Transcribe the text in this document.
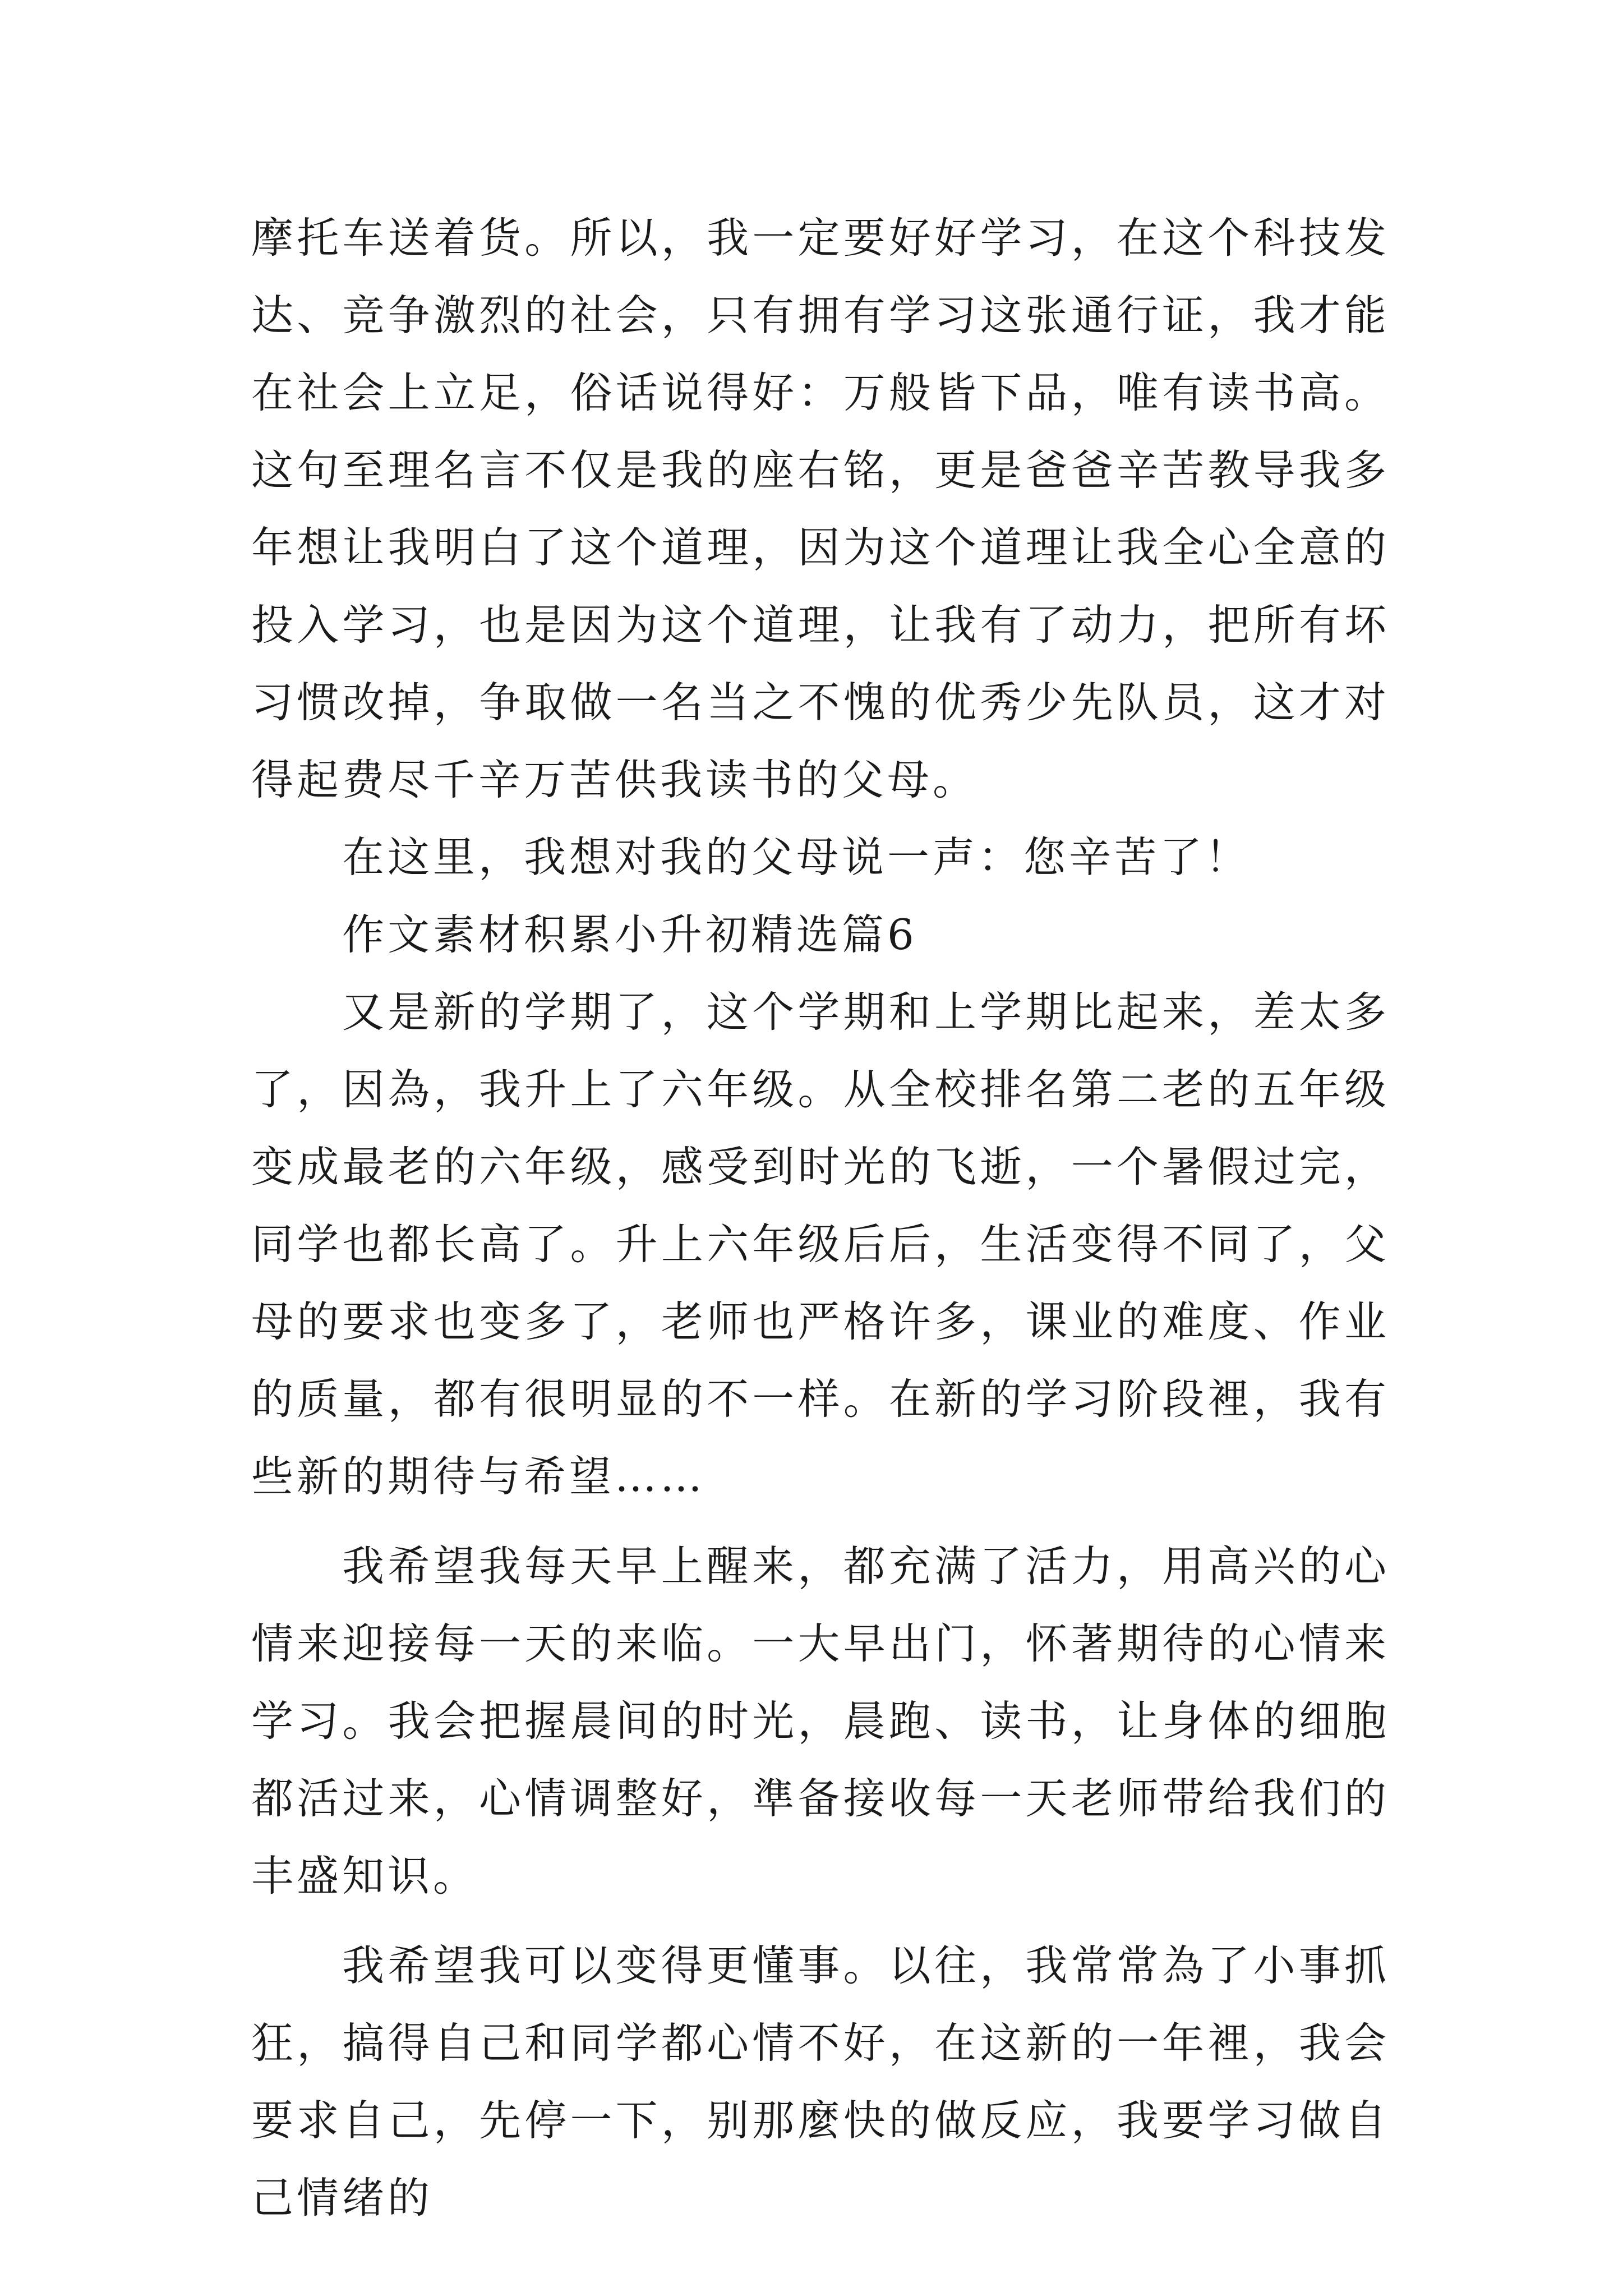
摩托车送着货。所以，我一定要好好学习，在这个科技发达、竞争激烈的社会，只有拥有学习这张通行证，我才能在社会上立足，俗话说得好：万般皆下品，唯有读书高。这句至理名言不仅是我的座右铭，更是爸爸辛苦教导我多年想让我明白了这个道理，因为这个道理让我全心全意的投入学习，也是因为这个道理，让我有了动力，把所有坏习惯改掉，争取做一名当之不愧的优秀少先队员，这才对得起费尽千辛万苦供我读书的父母。

在这里，我想对我的父母说一声：您辛苦了！

作文素材积累小升初精选篇6

又是新的学期了，这个学期和上学期比起来，差太多了，因為，我升上了六年级。从全校排名第二老的五年级变成最老的六年级，感受到时光的飞逝，一个暑假过完，同学也都长高了。升上六年级后后，生活变得不同了，父母的要求也变多了，老师也严格许多，课业的难度、作业的质量，都有很明显的不一样。在新的学习阶段裡，我有些新的期待与希望……

我希望我每天早上醒来，都充满了活力，用高兴的心情来迎接每一天的来临。一大早出门，怀著期待的心情来学习。我会把握晨间的时光，晨跑、读书，让身体的细胞都活过来，心情调整好，準备接收每一天老师带给我们的丰盛知识。

我希望我可以变得更懂事。以往，我常常為了小事抓狂，搞得自己和同学都心情不好，在这新的一年裡，我会要求自己，先停一下，别那麼快的做反应，我要学习做自己情绪的
